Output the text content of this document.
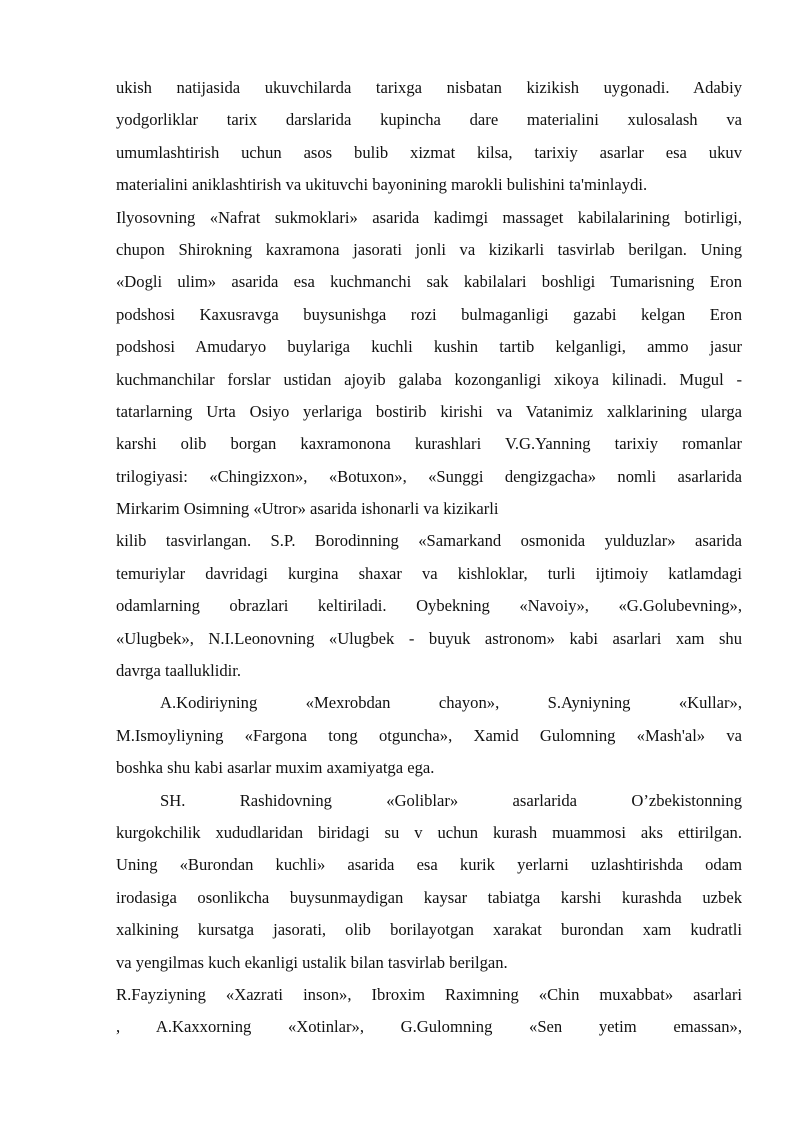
ukish natijasida ukuvchilarda tarixga nisbatan kizikish uygonadi. Adabiy
yodgorliklar tarix darslarida kupincha dare materialini xulosalash va
umumlashtirish uchun asos bulib xizmat kilsa, tarixiy asarlar esa ukuv
materialini aniklashtirish va ukituvchi bayonining marokli bulishini ta'minlaydi.
Ilyosovning «Nafrat sukmoklari» asarida kadimgi massaget kabilalarining botirligi,
chupon Shirokning kaxramona jasorati jonli va kizikarli tasvirlab berilgan. Uning
«Dogli ulim» asarida esa kuchmanchi sak kabilalari boshligi Tumarisning Eron
podshosi Kaxusravga buysunishga rozi bulmaganligi gazabi kelgan Eron
podshosi Amudaryo buylariga kuchli kushin tartib kelganligi, ammo jasur
kuchmanchilar forslar ustidan ajoyib galaba kozonganligi xikoya kilinadi. Mugul -
tatarlarning Urta Osiyo yerlariga bostirib kirishi va Vatanimiz xalklarining ularga
karshi olib borgan kaxramonona kurashlari V.G.Yanning tarixiy romanlar
trilogiyasi: «Chingizxon», «Botuxon», «Sunggi dengizgacha» nomli asarlarida
Mirkarim Osimning «Utror» asarida ishonarli va kizikarli
kilib tasvirlangan. S.P. Borodinning «Samarkand osmonida yulduzlar» asarida
temuriylar davridagi kurgina shaxar va kishloklar, turli ijtimoiy katlamdagi
odamlarning obrazlari keltiriladi. Oybekning «Navoiy», «G.Golubevning»,
«Ulugbek», N.I.Leonovning «Ulugbek - buyuk astronom» kabi asarlari xam shu
davrga taalluklidir.
A.Kodiriyning «Mexrobdan chayon», S.Ayniyning «Kullar»,
M.Ismoyliyning «Fargona tong otguncha», Xamid Gulomning «Mash'al» va
boshka shu kabi asarlar muxim axamiyatga ega.
SH. Rashidovning «Goliblar» asarlarida O’zbekistonning
kurgokchilik xududlaridan biridagi su v uchun kurash muammosi aks ettirilgan.
Uning «Burondan kuchli» asarida esa kurik yerlarni uzlashtirishda odam
irodasiga osonlikcha buysunmaydigan kaysar tabiatga karshi kurashda uzbek
xalkining kursatga jasorati, olib borilayotgan xarakat burondan xam kudratli
va yengilmas kuch ekanligi ustalik bilan tasvirlab berilgan.
R.Fayziyning «Xazrati inson», Ibroxim Raximning «Chin muxabbat» asarlari
, A.Kaxxorning «Xotinlar», G.Gulomning «Sen yetim emassan»,
